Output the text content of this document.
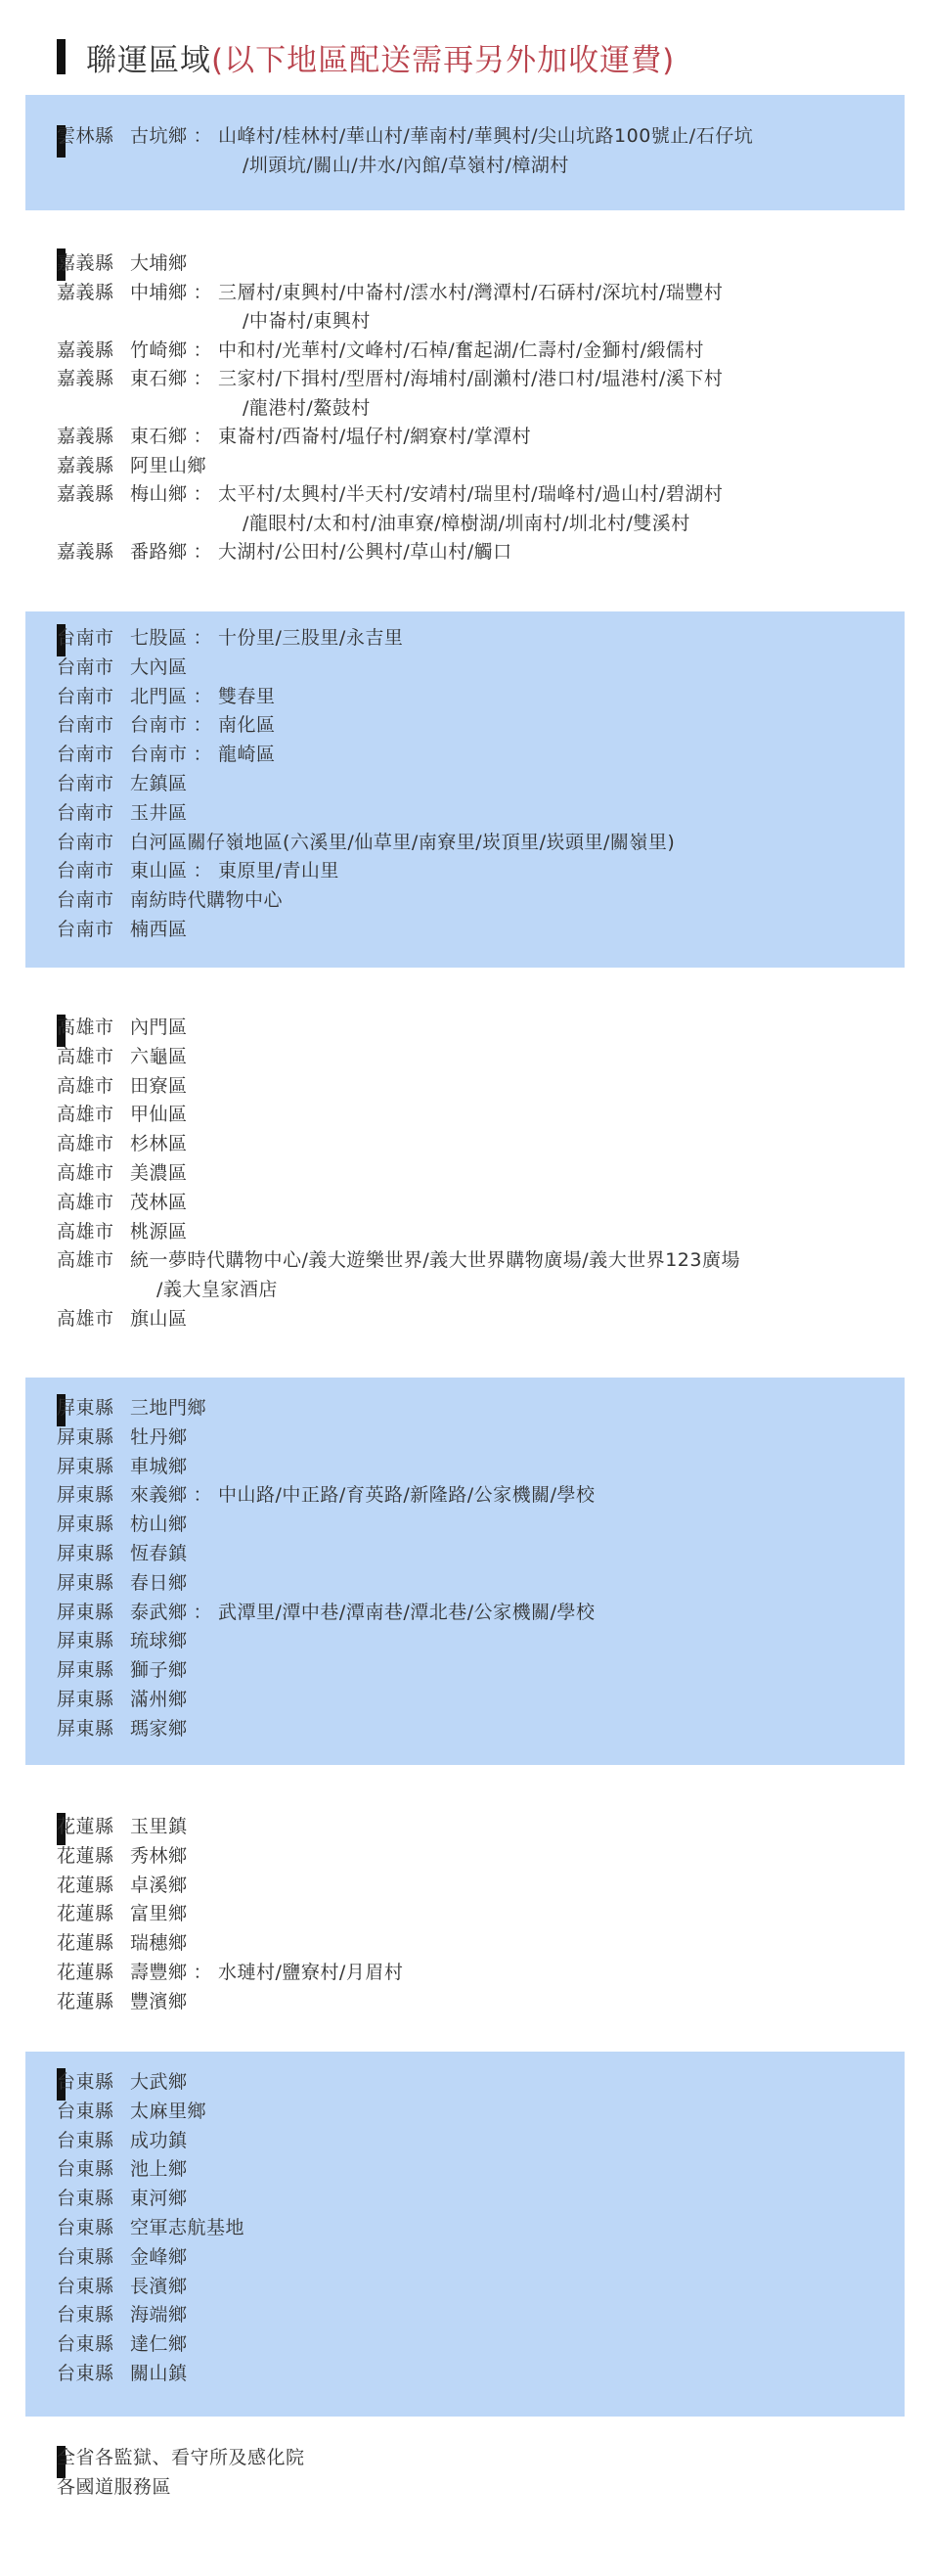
聯運區域(以下地區配送需再另外加收運費)
雲林縣 古坑鄉 ： 山峰村/桂林村/華山村/華南村/華興村/尖山坑路100號止/石仔坑
/圳頭坑/關山/井水/內館/草嶺村/樟湖村
嘉義縣 大埔鄉
嘉義縣 中埔鄉 ： 三層村/東興村/中崙村/澐水村/灣潭村/石硦村/深坑村/瑞豐村
/中崙村/東興村
嘉義縣 竹崎鄉 ： 中和村/光華村/文峰村/石棹/奮起湖/仁壽村/金獅村/緞儒村
嘉義縣 東石鄉 ： 三家村/下揖村/型厝村/海埔村/副瀨村/港口村/塭港村/溪下村
/龍港村/鰲鼓村
嘉義縣 東石鄉 ： 東崙村/西崙村/塭仔村/網寮村/掌潭村
嘉義縣 阿里山鄉
嘉義縣 梅山鄉 ： 太平村/太興村/半天村/安靖村/瑞里村/瑞峰村/過山村/碧湖村
/龍眼村/太和村/油車寮/樟樹湖/圳南村/圳北村/雙溪村
嘉義縣 番路鄉 ： 大湖村/公田村/公興村/草山村/觸口
台南市 七股區 ： 十份里/三股里/永吉里
台南市 大內區
台南市 北門區 ： 雙春里
台南市 台南市 ： 南化區
台南市 台南市 ： 龍崎區
台南市 左鎮區
台南市 玉井區
台南市 白河區關仔嶺地區(六溪里/仙草里/南寮里/崁頂里/崁頭里/關嶺里)
台南市 東山區 ： 東原里/青山里
台南市 南紡時代購物中心
台南市 楠西區
高雄市 內門區
高雄市 六龜區
高雄市 田寮區
高雄市 甲仙區
高雄市 杉林區
高雄市 美濃區
高雄市 茂林區
高雄市 桃源區
高雄市 統一夢時代購物中心/義大遊樂世界/義大世界購物廣場/義大世界123廣場
/義大皇家酒店
高雄市 旗山區
屏東縣 三地門鄉
屏東縣 牡丹鄉
屏東縣 車城鄉
屏東縣 來義鄉 ： 中山路/中正路/育英路/新隆路/公家機關/學校
屏東縣 枋山鄉
屏東縣 恆春鎮
屏東縣 春日鄉
屏東縣 泰武鄉 ： 武潭里/潭中巷/潭南巷/潭北巷/公家機關/學校
屏東縣 琉球鄉
屏東縣 獅子鄉
屏東縣 滿州鄉
屏東縣 瑪家鄉
花蓮縣 玉里鎮
花蓮縣 秀林鄉
花蓮縣 卓溪鄉
花蓮縣 富里鄉
花蓮縣 瑞穗鄉
花蓮縣 壽豐鄉 ： 水璉村/鹽寮村/月眉村
花蓮縣 豐濱鄉
台東縣 大武鄉
台東縣 太麻里鄉
台東縣 成功鎮
台東縣 池上鄉
台東縣 東河鄉
台東縣 空軍志航基地
台東縣 金峰鄉
台東縣 長濱鄉
台東縣 海端鄉
台東縣 達仁鄉
台東縣 關山鎮
全省各監獄、看守所及感化院
各國道服務區
